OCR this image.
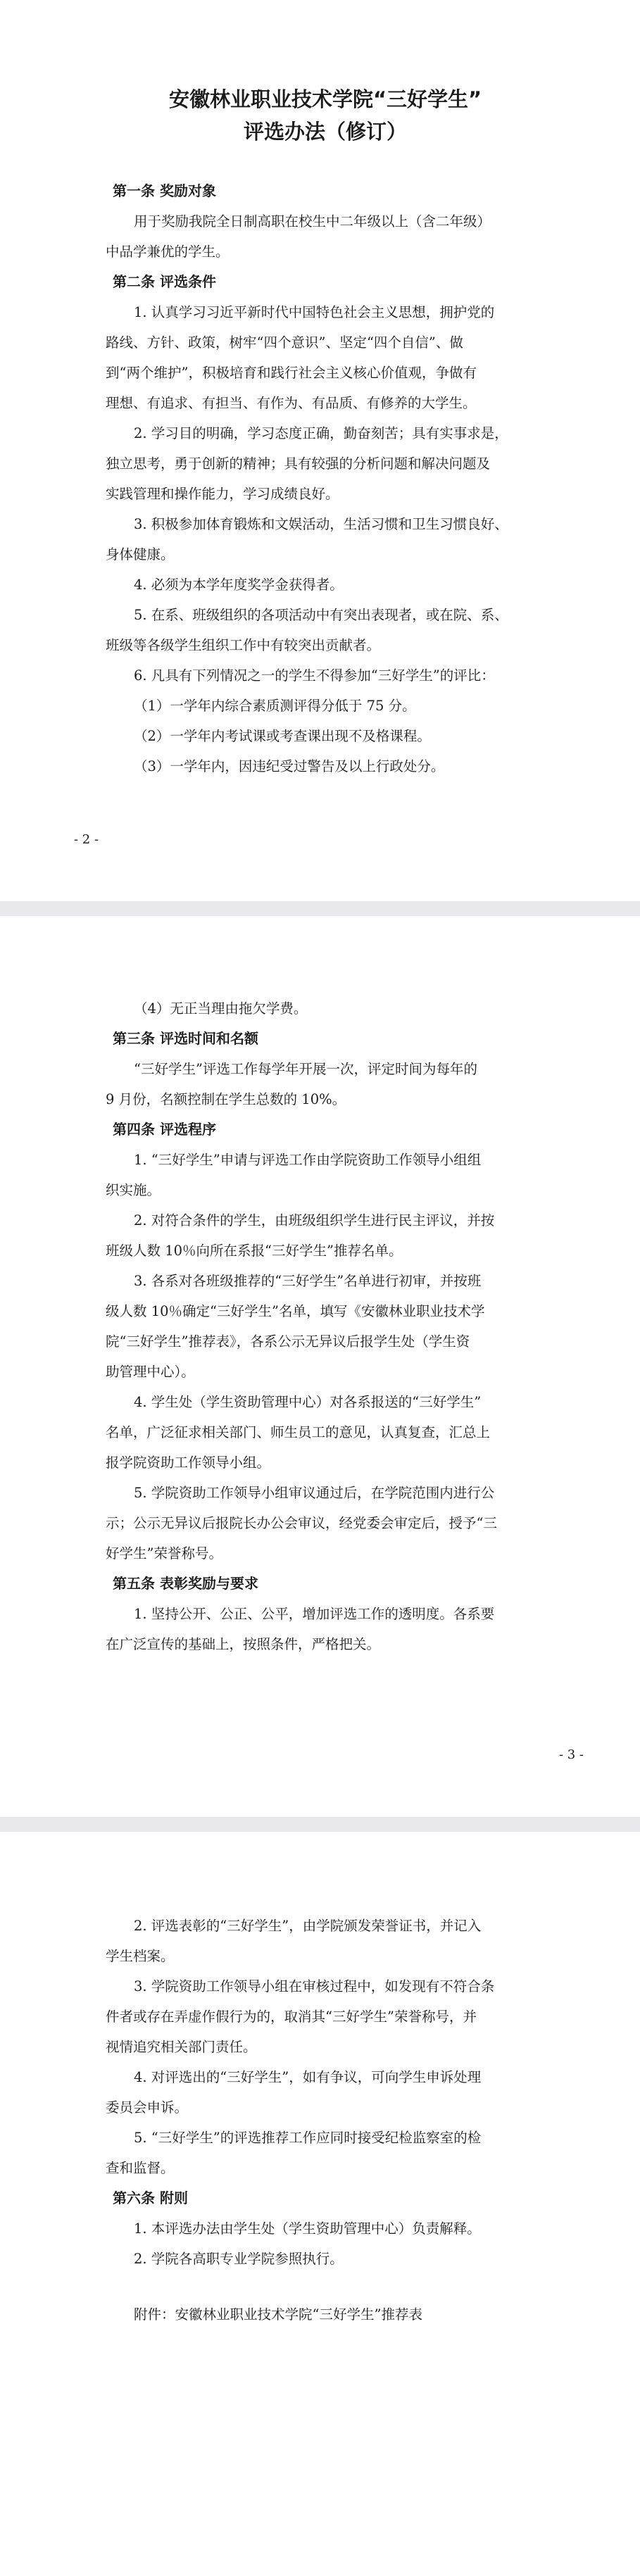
安徽林业职业技术学院“三好学生”
评选办法（修订）

第一条 奖励对象

用于奖励我院全日制高职在校生中二年级以上（含二年级）

中品学兼优的学生。

第二条 评选条件

1. 认真学习习近平新时代中国特色社会主义思想，拥护党的

路线、方针、政策，树牢“四个意识”、坚定“四个自信”、做

到“两个维护”，积极培育和践行社会主义核心价值观，争做有

理想、有追求、有担当、有作为、有品质、有修养的大学生。

2. 学习目的明确，学习态度正确，勤奋刻苦；具有实事求是，

独立思考，勇于创新的精神；具有较强的分析问题和解决问题及

实践管理和操作能力，学习成绩良好。

3. 积极参加体育锻炼和文娱活动，生活习惯和卫生习惯良好、

身体健康。

4. 必须为本学年度奖学金获得者。

5. 在系、班级组织的各项活动中有突出表现者，或在院、系、

班级等各级学生组织工作中有较突出贡献者。

6. 凡具有下列情况之一的学生不得参加“三好学生”的评比：

（1）一学年内综合素质测评得分低于 75 分。

（2）一学年内考试课或考查课出现不及格课程。

（3）一学年内，因违纪受过警告及以上行政处分。

- 2 -

（4）无正当理由拖欠学费。

第三条 评选时间和名额

“三好学生”评选工作每学年开展一次，评定时间为每年的

9 月份，名额控制在学生总数的 10%。

第四条 评选程序

1. “三好学生”申请与评选工作由学院资助工作领导小组组

织实施。

2. 对符合条件的学生，由班级组织学生进行民主评议，并按

班级人数 10％向所在系报“三好学生”推荐名单。

3. 各系对各班级推荐的“三好学生”名单进行初审，并按班

级人数 10％确定“三好学生”名单，填写《安徽林业职业技术学

院“三好学生”推荐表》，各系公示无异议后报学生处（学生资

助管理中心）。

4. 学生处（学生资助管理中心）对各系报送的“三好学生”

名单，广泛征求相关部门、师生员工的意见，认真复查，汇总上

报学院资助工作领导小组。

5. 学院资助工作领导小组审议通过后，在学院范围内进行公

示；公示无异议后报院长办公会审议，经党委会审定后，授予“三

好学生”荣誉称号。

第五条 表彰奖励与要求

1. 坚持公开、公正、公平，增加评选工作的透明度。各系要

在广泛宣传的基础上，按照条件，严格把关。

- 3 -

2. 评选表彰的“三好学生”，由学院颁发荣誉证书，并记入

学生档案。

3. 学院资助工作领导小组在审核过程中，如发现有不符合条

件者或存在弄虚作假行为的，取消其“三好学生”荣誉称号，并

视情追究相关部门责任。

4. 对评选出的“三好学生”，如有争议，可向学生申诉处理

委员会申诉。

5. “三好学生”的评选推荐工作应同时接受纪检监察室的检

查和监督。

第六条 附则

1. 本评选办法由学生处（学生资助管理中心）负责解释。

2. 学院各高职专业学院参照执行。

附件：安徽林业职业技术学院“三好学生”推荐表
